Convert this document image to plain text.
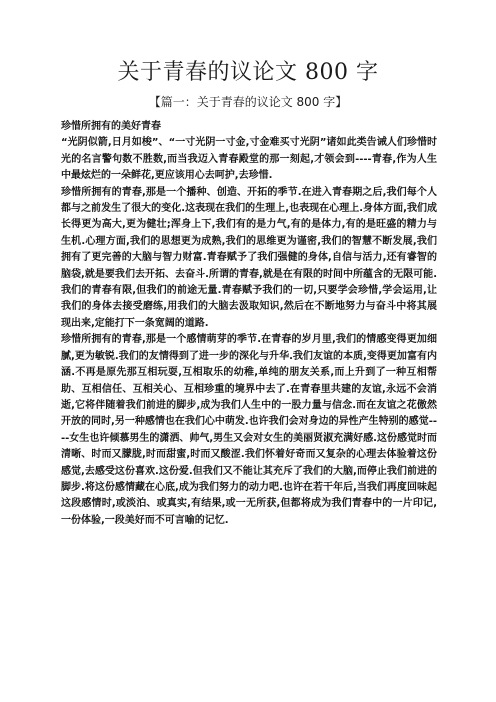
关于青春的议论文 800 字
【篇一：关于青春的议论文 800 字】

珍惜所拥有的美好青春

“光阴似箭,日月如梭”、“一寸光阴一寸金,寸金难买寸光阴”诸如此类告诫人们珍惜时光的名言警句数不胜数,而当我迈入青春殿堂的那一刻起,才领会到----青春,作为人生中最炫烂的一朵鲜花,更应该用心去呵护,去珍惜.

珍惜所拥有的青春,那是一个播种、创造、开拓的季节.在进入青春期之后,我们每个人都与之前发生了很大的变化.这表现在我们的生理上,也表现在心理上.身体方面,我们成长得更为高大,更为健壮;浑身上下,我们有的是力气,有的是体力,有的是旺盛的精力与生机.心理方面,我们的思想更为成熟,我们的思维更为谨密,我们的智慧不断发展,我们拥有了更完善的大脑与智力财富.青春赋予了我们强健的身体,自信与活力,还有睿智的脑袋,就是要我们去开拓、去奋斗.所谓的青春,就是在有限的时间中所蕴含的无限可能.我们的青春有限,但我们的前途无量.青春赋予我们的一切,只要学会珍惜,学会运用,让我们的身体去接受磨练,用我们的大脑去汲取知识,然后在不断地努力与奋斗中将其展现出来,定能打下一条宽阔的道路.

珍惜所拥有的青春,那是一个感情萌芽的季节.在青春的岁月里,我们的情感变得更加细腻,更为敏锐.我们的友情得到了进一步的深化与升华.我们友谊的本质,变得更加富有内涵.不再是原先那互相玩耍,互相取乐的幼稚,单纯的朋友关系,而上升到了一种互相帮助、互相信任、互相关心、互相珍重的境界中去了.在青春里共建的友谊,永远不会消逝,它将伴随着我们前进的脚步,成为我们人生中的一股力量与信念.而在友谊之花傲然开放的同时,另一种感情也在我们心中萌发.也许我们会对身边的异性产生特别的感觉----女生也许倾慕男生的潇洒、帅气,男生又会对女生的美丽贤淑充满好感.这份感觉时而清晰、时而又朦胧,时而甜蜜,时而又酸涩.我们怀着好奇而又复杂的心理去体验着这份感觉,去感受这份喜欢.这份爱.但我们又不能让其充斥了我们的大脑,而停止我们前进的脚步.将这份感情藏在心底,成为我们努力的动力吧.也许在若干年后,当我们再度回味起这段感情时,或淡泊、或真实,有结果,或一无所获,但都将成为我们青春中的一片印记,一份体验,一段美好而不可言喻的记忆.
